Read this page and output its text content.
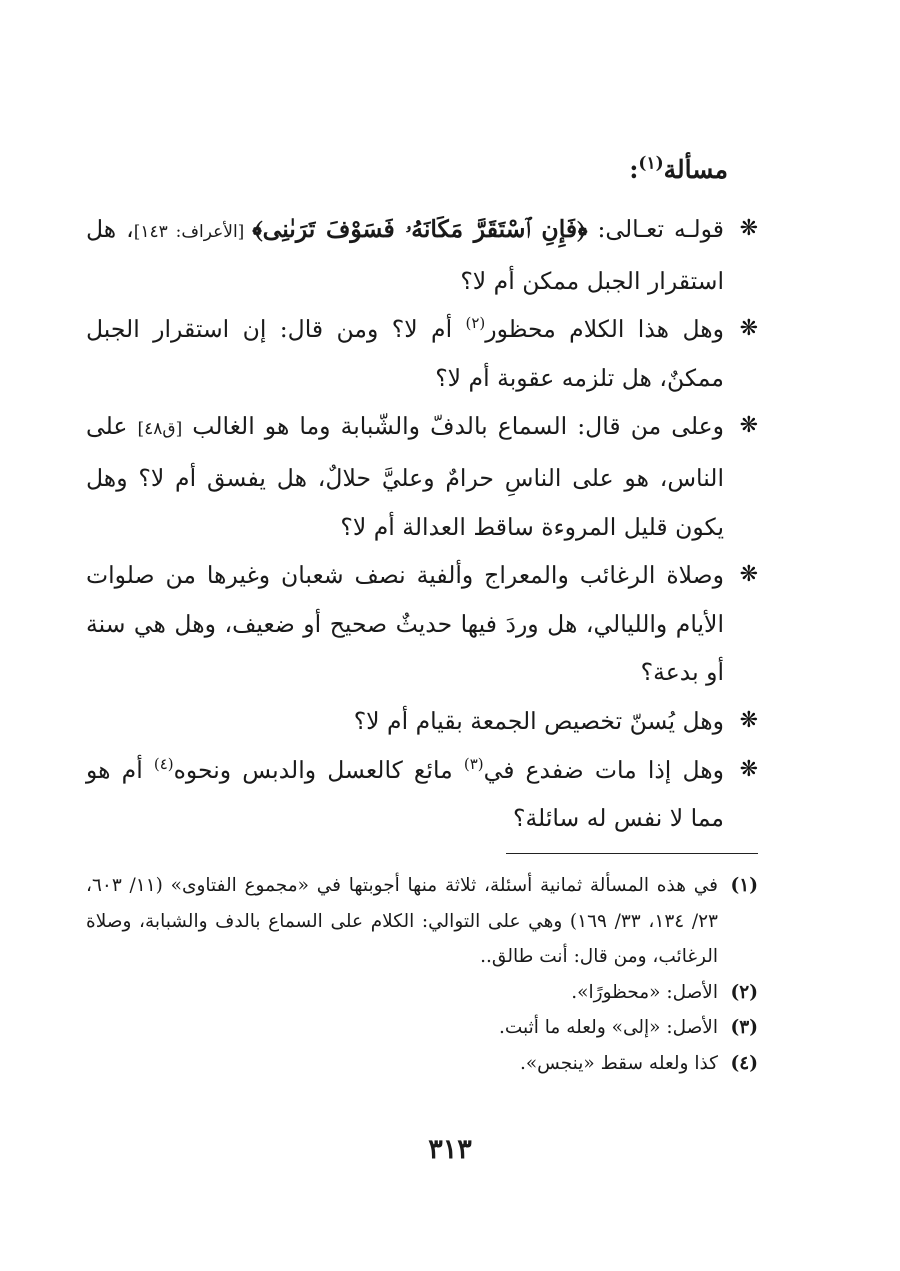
مسألة$^{(١)}$:
❋
قولـه تعـالى: ﴿فَإِنِ ٱسْتَقَرَّ مَكَانَهُۥ فَسَوْفَ تَرَىٰنِى﴾ [الأعراف: ١٤٣]، هل استقرار الجبل ممكن أم لا؟
❋
وهل هذا الكلام محظور$^{(٢)}$ أم لا؟ ومن قال: إن استقرار الجبل ممكنٌ، هل تلزمه عقوبة أم لا؟
❋
وعلى من قال: السماع بالدفّ والشّبابة وما هو الغالب [ق٤٨] على الناس، هو على الناسِ حرامٌ وعليَّ حلالٌ، هل يفسق أم لا؟ وهل يكون قليل المروءة ساقط العدالة أم لا؟
❋
وصلاة الرغائب والمعراج وألفية نصف شعبان وغيرها من صلوات الأيام والليالي، هل وردَ فيها حديثٌ صحيح أو ضعيف، وهل هي سنة أو بدعة؟
❋
وهل يُسنّ تخصيص الجمعة بقيام أم لا؟
❋
وهل إذا مات ضفدع في$^{(٣)}$ مائع كالعسل والدبس ونحوه$^{(٤)}$ أم هو مما لا نفس له سائلة؟
(١)
في هذه المسألة ثمانية أسئلة، ثلاثة منها أجوبتها في «مجموع الفتاوى» (١١/ ٦٠٣، ٢٣/ ١٣٤، ٣٣/ ١٦٩) وهي على التوالي: الكلام على السماع بالدف والشبابة، وصلاة الرغائب، ومن قال: أنت طالق..
(٢)
الأصل: «محظورًا».
(٣)
الأصل: «إلى» ولعله ما أثبت.
(٤)
كذا ولعله سقط «ينجس».
٣١٣
